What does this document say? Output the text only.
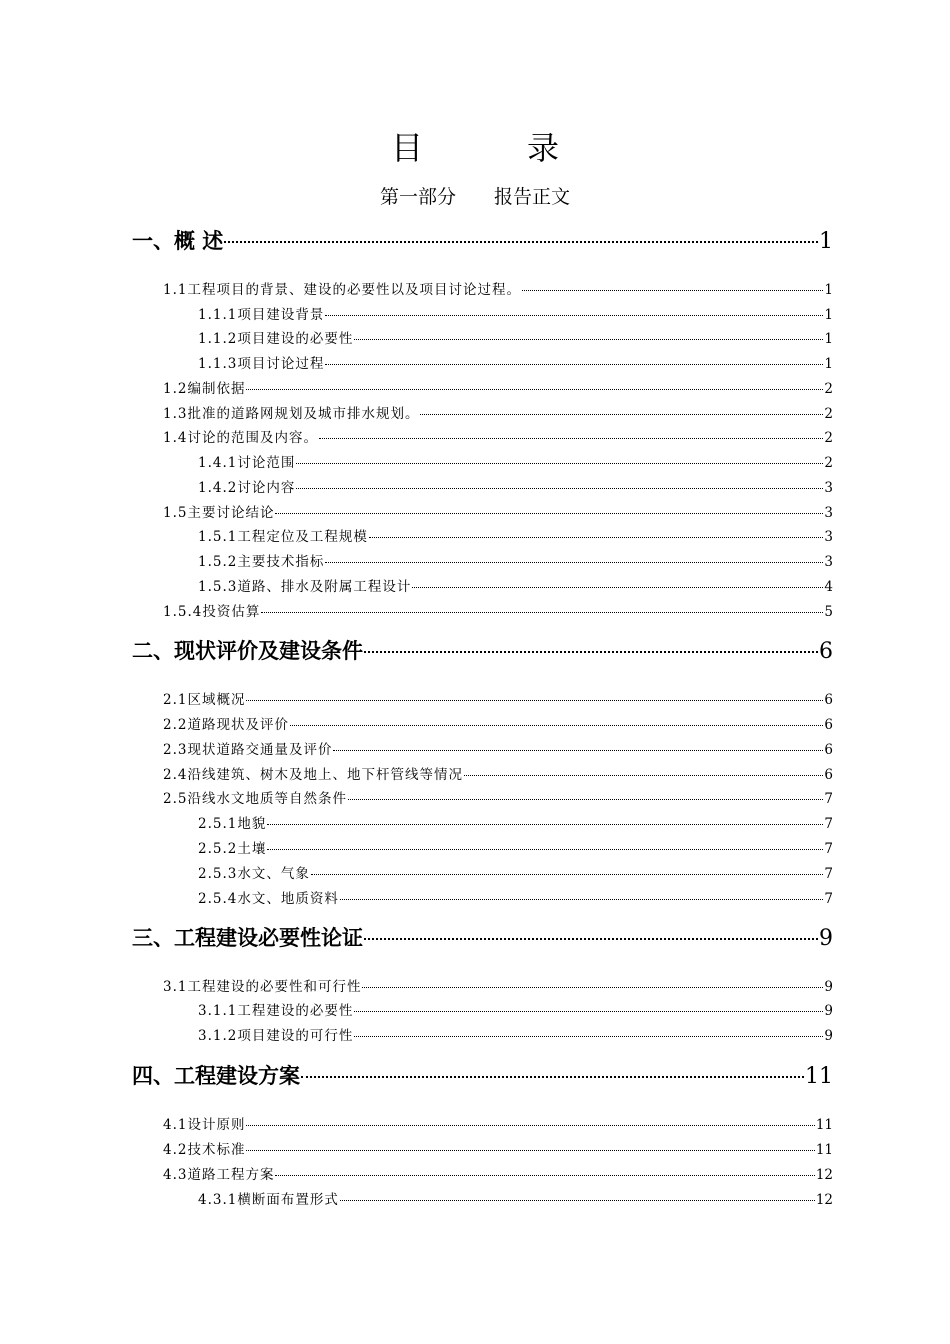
目　录
第一部分　　报告正文
一、概 述	1
1.1工程项目的背景、建设的必要性以及项目讨论过程。	1
1.1.1项目建设背景	1
1.1.2项目建设的必要性	1
1.1.3项目讨论过程	1
1.2编制依据	2
1.3批准的道路网规划及城市排水规划。	2
1.4讨论的范围及内容。	2
1.4.1讨论范围	2
1.4.2讨论内容	3
1.5主要讨论结论	3
1.5.1工程定位及工程规模	3
1.5.2主要技术指标	3
1.5.3道路、排水及附属工程设计	4
1.5.4投资估算	5
二、现状评价及建设条件	6
2.1区域概况	6
2.2道路现状及评价	6
2.3现状道路交通量及评价	6
2.4沿线建筑、树木及地上、地下杆管线等情况	6
2.5沿线水文地质等自然条件	7
2.5.1地貌	7
2.5.2土壤	7
2.5.3水文、气象	7
2.5.4水文、地质资料	7
三、工程建设必要性论证	9
3.1工程建设的必要性和可行性	9
3.1.1工程建设的必要性	9
3.1.2项目建设的可行性	9
四、工程建设方案	11
4.1设计原则	11
4.2技术标准	11
4.3道路工程方案	12
4.3.1横断面布置形式	12
